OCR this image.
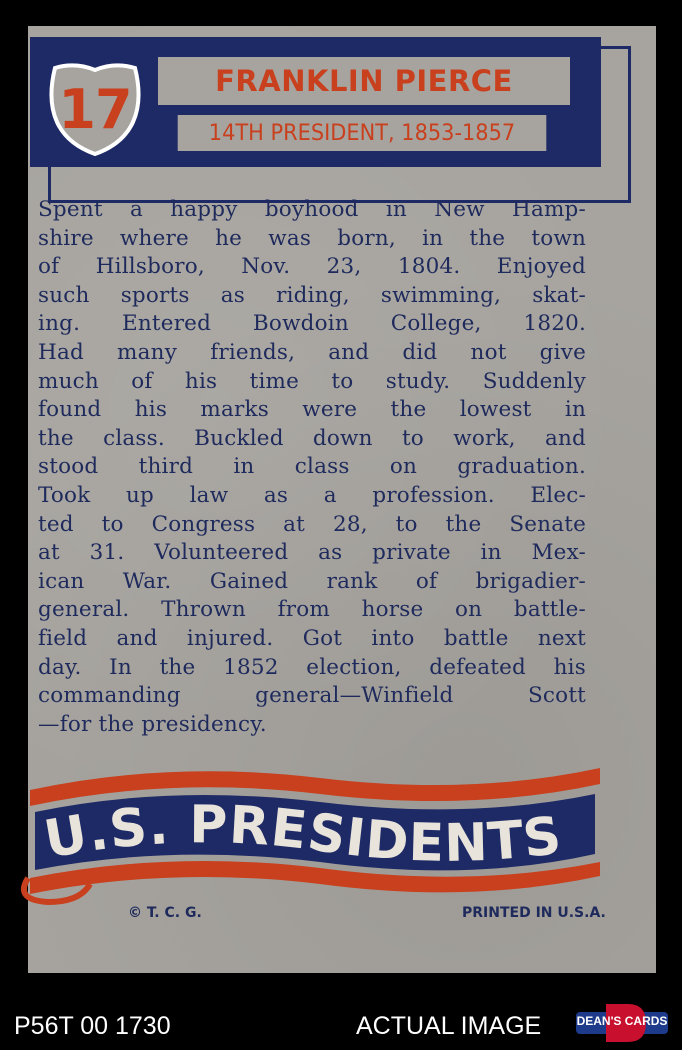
17	FRANKLIN PIERCE
14TH PRESIDENT, 1853-1857
Spent a happy boyhood in New Hamp-
shire where he was born, in the town
of Hillsboro, Nov. 23, 1804. Enjoyed
such sports as riding, swimming, skat-
ing. Entered Bowdoin College, 1820.
Had many friends, and did not give
much of his time to study. Suddenly
found his marks were the lowest in
the class. Buckled down to work, and
stood third in class on graduation.
Took up law as a profession. Elec-
ted to Congress at 28, to the Senate
at 31. Volunteered as private in Mex-
ican War. Gained rank of brigadier-
general. Thrown from horse on battle-
field and injured. Got into battle next
day. In the 1852 election, defeated his
commanding general—Winfield Scott
—for the presidency.
U.S. PRESIDENTS
© T. C. G.	PRINTED IN U.S.A.
P56T 00 1730	ACTUAL IMAGE	DEAN'S CARDS
